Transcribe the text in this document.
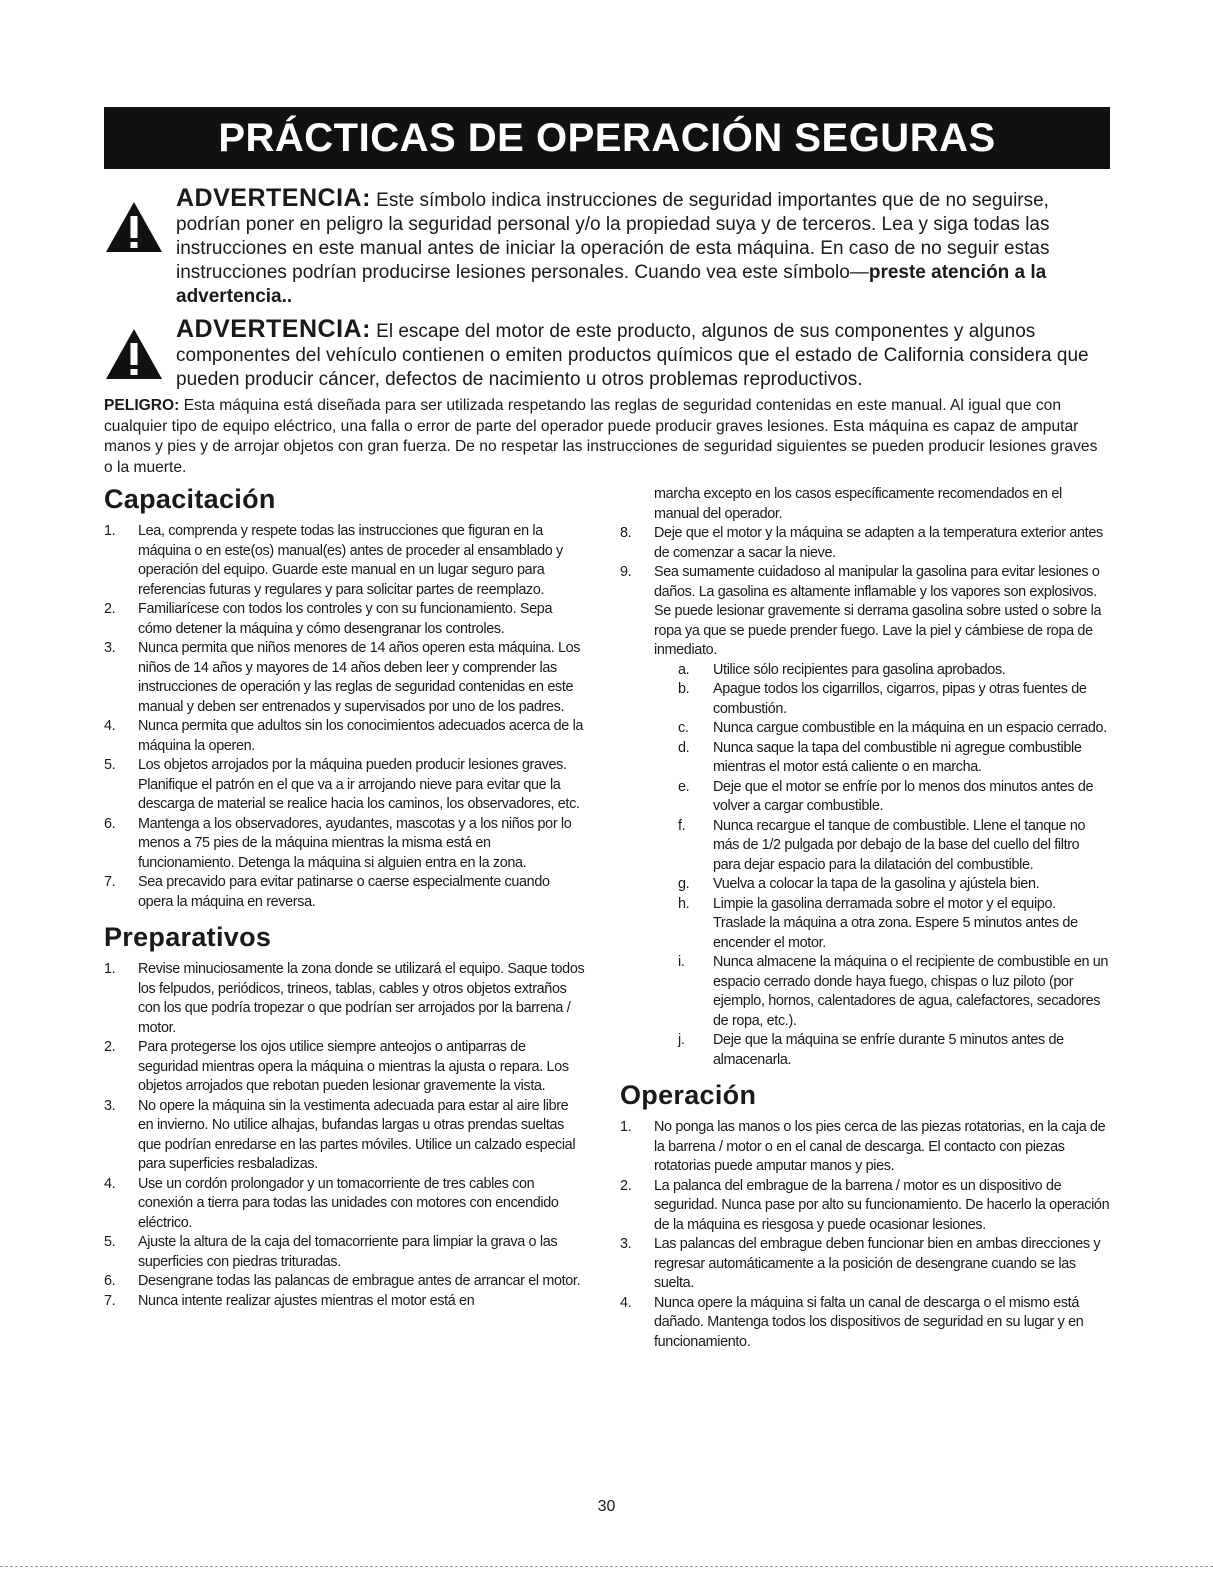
PRÁCTICAS DE OPERACIÓN SEGURAS
ADVERTENCIA: Este símbolo indica instrucciones de seguridad importantes que de no seguirse, podrían poner en peligro la seguridad personal y/o la propiedad suya y de terceros. Lea y siga todas las instrucciones en este manual antes de iniciar la operación de esta máquina. En caso de no seguir estas instrucciones podrían producirse lesiones personales. Cuando vea este símbolo—preste atención a la advertencia..
ADVERTENCIA: El escape del motor de este producto, algunos de sus componentes y algunos componentes del vehículo contienen o emiten productos químicos que el estado de California considera que pueden producir cáncer, defectos de nacimiento u otros problemas reproductivos.
PELIGRO: Esta máquina está diseñada para ser utilizada respetando las reglas de seguridad contenidas en este manual. Al igual que con cualquier tipo de equipo eléctrico, una falla o error de parte del operador puede producir graves lesiones. Esta máquina es capaz de amputar manos y pies y de arrojar objetos con gran fuerza. De no respetar las instrucciones de seguridad siguientes se pueden producir lesiones graves o la muerte.
Capacitación
1. Lea, comprenda y respete todas las instrucciones que figuran en la máquina o en este(os) manual(es) antes de proceder al ensamblado y operación del equipo. Guarde este manual en un lugar seguro para referencias futuras y regulares y para solicitar partes de reemplazo.
2. Familiarícese con todos los controles y con su funcionamiento. Sepa cómo detener la máquina y cómo desengranar los controles.
3. Nunca permita que niños menores de 14 años operen esta máquina. Los niños de 14 años y mayores de 14 años deben leer y comprender las instrucciones de operación y las reglas de seguridad contenidas en este manual y deben ser entrenados y supervisados por uno de los padres.
4. Nunca permita que adultos sin los conocimientos adecuados acerca de la máquina la operen.
5. Los objetos arrojados por la máquina pueden producir lesiones graves. Planifique el patrón en el que va a ir arrojando nieve para evitar que la descarga de material se realice hacia los caminos, los observadores, etc.
6. Mantenga a los observadores, ayudantes, mascotas y a los niños por lo menos a 75 pies de la máquina mientras la misma está en funcionamiento. Detenga la máquina si alguien entra en la zona.
7. Sea precavido para evitar patinarse o caerse especialmente cuando opera la máquina en reversa.
Preparativos
1. Revise minuciosamente la zona donde se utilizará el equipo. Saque todos los felpudos, periódicos, trineos, tablas, cables y otros objetos extraños con los que podría tropezar o que podrían ser arrojados por la barrena / motor.
2. Para protegerse los ojos utilice siempre anteojos o antiparras de seguridad mientras opera la máquina o mientras la ajusta o repara. Los objetos arrojados que rebotan pueden lesionar gravemente la vista.
3. No opere la máquina sin la vestimenta adecuada para estar al aire libre en invierno. No utilice alhajas, bufandas largas u otras prendas sueltas que podrían enredarse en las partes móviles. Utilice un calzado especial para superficies resbaladizas.
4. Use un cordón prolongador y un tomacorriente de tres cables con conexión a tierra para todas las unidades con motores con encendido eléctrico.
5. Ajuste la altura de la caja del tomacorriente para limpiar la grava o las superficies con piedras trituradas.
6. Desengrane todas las palancas de embrague antes de arrancar el motor.
7. Nunca intente realizar ajustes mientras el motor está en
marcha excepto en los casos específicamente recomendados en el manual del operador.
8. Deje que el motor y la máquina se adapten a la temperatura exterior antes de comenzar a sacar la nieve.
9. Sea sumamente cuidadoso al manipular la gasolina para evitar lesiones o daños. La gasolina es altamente inflamable y los vapores son explosivos. Se puede lesionar gravemente si derrama gasolina sobre usted o sobre la ropa ya que se puede prender fuego. Lave la piel y cámbiese de ropa de inmediato.
a. Utilice sólo recipientes para gasolina aprobados.
b. Apague todos los cigarrillos, cigarros, pipas y otras fuentes de combustión.
c. Nunca cargue combustible en la máquina en un espacio cerrado.
d. Nunca saque la tapa del combustible ni agregue combustible mientras el motor está caliente o en marcha.
e. Deje que el motor se enfríe por lo menos dos minutos antes de volver a cargar combustible.
f. Nunca recargue el tanque de combustible. Llene el tanque no más de 1/2 pulgada por debajo de la base del cuello del filtro para dejar espacio para la dilatación del combustible.
g. Vuelva a colocar la tapa de la gasolina y ajústela bien.
h. Limpie la gasolina derramada sobre el motor y el equipo. Traslade la máquina a otra zona. Espere 5 minutos antes de encender el motor.
i. Nunca almacene la máquina o el recipiente de combustible en un espacio cerrado donde haya fuego, chispas o luz piloto (por ejemplo, hornos, calentadores de agua, calefactores, secadores de ropa, etc.).
j. Deje que la máquina se enfríe durante 5 minutos antes de almacenarla.
Operación
1. No ponga las manos o los pies cerca de las piezas rotatorias, en la caja de la barrena / motor o en el canal de descarga. El contacto con piezas rotatorias puede amputar manos y pies.
2. La palanca del embrague de la barrena / motor es un dispositivo de seguridad. Nunca pase por alto su funcionamiento. De hacerlo la operación de la máquina es riesgosa y puede ocasionar lesiones.
3. Las palancas del embrague deben funcionar bien en ambas direcciones y regresar automáticamente a la posición de desengrane cuando se las suelta.
4. Nunca opere la máquina si falta un canal de descarga o el mismo está dañado. Mantenga todos los dispositivos de seguridad en su lugar y en funcionamiento.
30
